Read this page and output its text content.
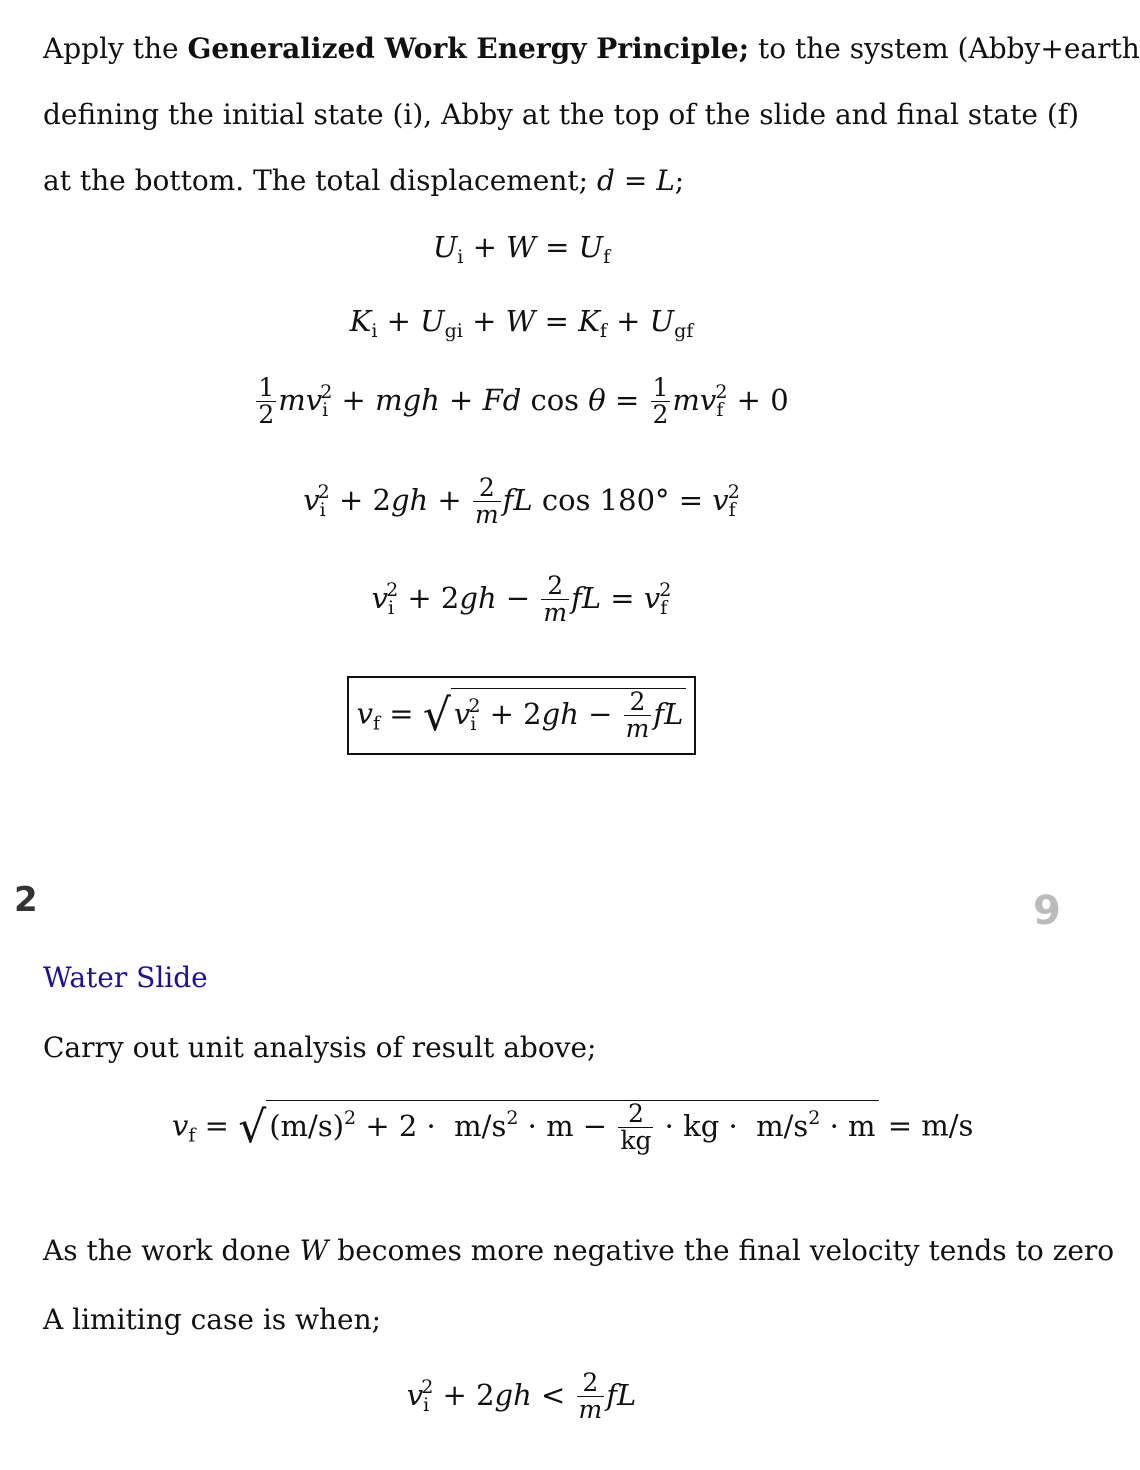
Apply the Generalized Work Energy Principle; to the system (Abby+earth
defining the initial state (i), Abby at the top of the slide and final state (f)
at the bottom. The total displacement; d = L;
$U_i + W = U_f$
$K_i + U_{gi} + W = K_f + U_{gf}$
$\frac{1}{2} mv_i^2$ + mgh + Fd $\cos \theta = \frac{1}{2} mv_f^2 + 0$
$v_i^2 + 2gh + \frac{2}{m}$ fL $\cos 180^\circ = v_f^2$
$v_i^2 + 2gh - \frac{2}{m}$ fL = $v_f^2$
$v_f$ = √ $v_i^2 + 2gh - \frac{2}{m}$ fL
2	9
Water Slide
Carry out unit analysis of result above;
$v_f$ = √ $(m/s)^2 + 2 \cdot m/s^2 \cdot m - \frac{2}{kg}$ · kg ·  $m/s^2 \cdot m = m/s$
As the work done W becomes more negative the final velocity tends to zero
A limiting case is when;
$v_i^2 + 2gh < \frac{2}{m}$ fL
